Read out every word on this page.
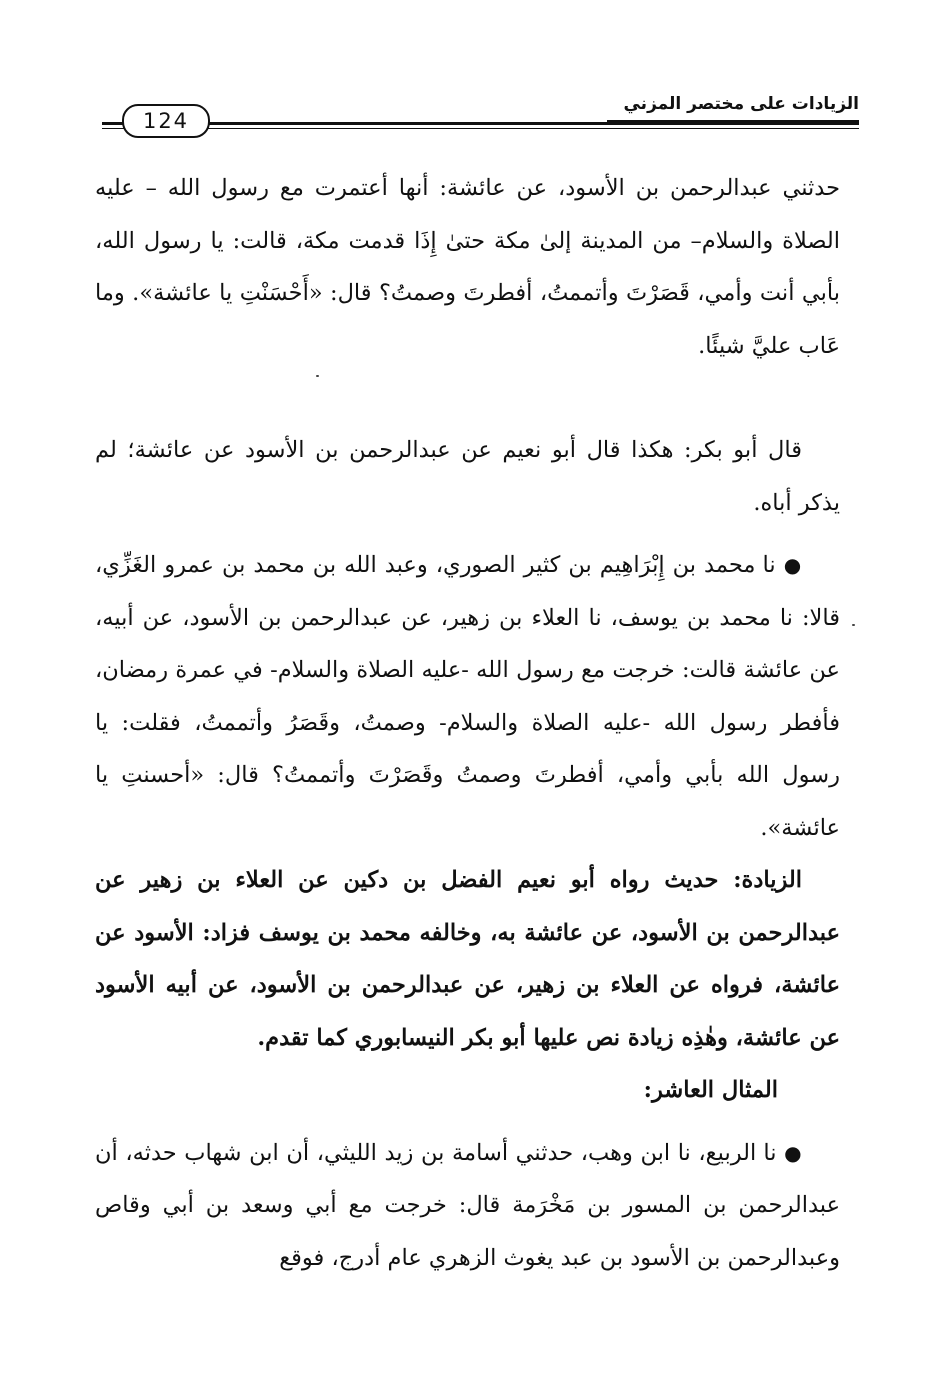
الزيادات على مختصر المزني
124

حدثني عبدالرحمن بن الأسود، عن عائشة: أنها أعتمرت مع رسول الله – عليه الصلاة والسلام– من المدينة إلىٰ مكة حتىٰ إِذَا قدمت مكة، قالت: يا رسول الله، بأبي أنت وأمي، قَصَرْتَ وأتممتُ، أفطرتَ وصمتُ؟ قال: «أَحْسَنْتِ يا عائشة». وما عَاب عليَّ شيئًا.

قال أبو بكر: هكذا قال أبو نعيم عن عبدالرحمن بن الأسود عن عائشة؛ لم يذكر أباه.

● نا محمد بن إِبْرَاهِيم بن كثير الصوري، وعبد الله بن محمد بن عمرو الغَزِّي، قالا: نا محمد بن يوسف، نا العلاء بن زهير، عن عبدالرحمن بن الأسود، عن أبيه، عن عائشة قالت: خرجت مع رسول الله -عليه الصلاة والسلام- في عمرة رمضان، فأفطر رسول الله -عليه الصلاة والسلام- وصمتُ، وقَصَرُ وأتممتُ، فقلت: يا رسول الله بأبي وأمي، أفطرتَ وصمتُ وقَصَرْتَ وأتممتُ؟ قال: «أحسنتِ يا عائشة».

الزيادة: حديث رواه أبو نعيم الفضل بن دكين عن العلاء بن زهير عن عبدالرحمن بن الأسود، عن عائشة به، وخالفه محمد بن يوسف فزاد: الأسود عن عائشة، فرواه عن العلاء بن زهير، عن عبدالرحمن بن الأسود، عن أبيه الأسود عن عائشة، وهٰذِه زيادة نص عليها أبو بكر النيسابوري كما تقدم.

المثال العاشر:

● نا الربيع، نا ابن وهب، حدثني أسامة بن زيد الليثي، أن ابن شهاب حدثه، أن عبدالرحمن بن المسور بن مَخْرَمة قال: خرجت مع أبي وسعد بن أبي وقاص وعبدالرحمن بن الأسود بن عبد يغوث الزهري عام أدرج، فوقع
